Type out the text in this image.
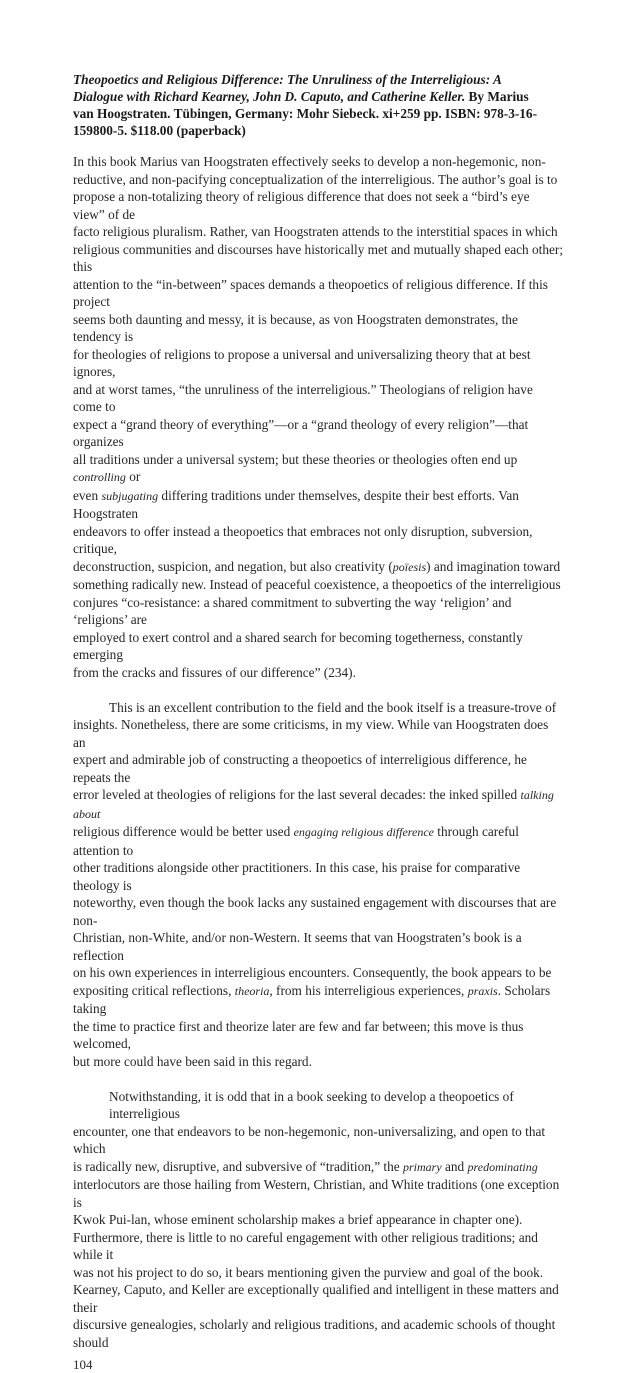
Theopoetics and Religious Difference: The Unruliness of the Interreligious: A
Dialogue with Richard Kearney, John D. Caputo, and Catherine Keller. By Marius
van Hoogstraten. Tübingen, Germany: Mohr Siebeck. xi+259 pp. ISBN: 978-3-16-
159800-5. $118.00 (paperback)

In this book Marius van Hoogstraten effectively seeks to develop a non-hegemonic, non-
reductive, and non-pacifying conceptualization of the interreligious. The author’s goal is to
propose a non-totalizing theory of religious difference that does not seek a “bird’s eye view” of de
facto religious pluralism. Rather, van Hoogstraten attends to the interstitial spaces in which
religious communities and discourses have historically met and mutually shaped each other; this
attention to the “in-between” spaces demands a theopoetics of religious difference. If this project
seems both daunting and messy, it is because, as von Hoogstraten demonstrates, the tendency is
for theologies of religions to propose a universal and universalizing theory that at best ignores,
and at worst tames, “the unruliness of the interreligious.” Theologians of religion have come to
expect a “grand theory of everything”—or a “grand theology of every religion”—that organizes
all traditions under a universal system; but these theories or theologies often end up controlling or
even subjugating differing traditions under themselves, despite their best efforts. Van Hoogstraten
endeavors to offer instead a theopoetics that embraces not only disruption, subversion, critique,
deconstruction, suspicion, and negation, but also creativity (poïesis) and imagination toward
something radically new. Instead of peaceful coexistence, a theopoetics of the interreligious
conjures “co-resistance: a shared commitment to subverting the way ‘religion’ and ‘religions’ are
employed to exert control and a shared search for becoming togetherness, constantly emerging
from the cracks and fissures of our difference” (234).

This is an excellent contribution to the field and the book itself is a treasure-trove of
insights. Nonetheless, there are some criticisms, in my view. While van Hoogstraten does an
expert and admirable job of constructing a theopoetics of interreligious difference, he repeats the
error leveled at theologies of religions for the last several decades: the inked spilled talking about
religious difference would be better used engaging religious difference through careful attention to
other traditions alongside other practitioners. In this case, his praise for comparative theology is
noteworthy, even though the book lacks any sustained engagement with discourses that are non-
Christian, non-White, and/or non-Western. It seems that van Hoogstraten’s book is a reflection
on his own experiences in interreligious encounters. Consequently, the book appears to be
expositing critical reflections, theoria, from his interreligious experiences, praxis. Scholars taking
the time to practice first and theorize later are few and far between; this move is thus welcomed,
but more could have been said in this regard.

Notwithstanding, it is odd that in a book seeking to develop a theopoetics of interreligious
encounter, one that endeavors to be non-hegemonic, non-universalizing, and open to that which
is radically new, disruptive, and subversive of “tradition,” the primary and predominating
interlocutors are those hailing from Western, Christian, and White traditions (one exception is
Kwok Pui-lan, whose eminent scholarship makes a brief appearance in chapter one).
Furthermore, there is little to no careful engagement with other religious traditions; and while it
was not his project to do so, it bears mentioning given the purview and goal of the book.
Kearney, Caputo, and Keller are exceptionally qualified and intelligent in these matters and their
discursive genealogies, scholarly and religious traditions, and academic schools of thought should

104
